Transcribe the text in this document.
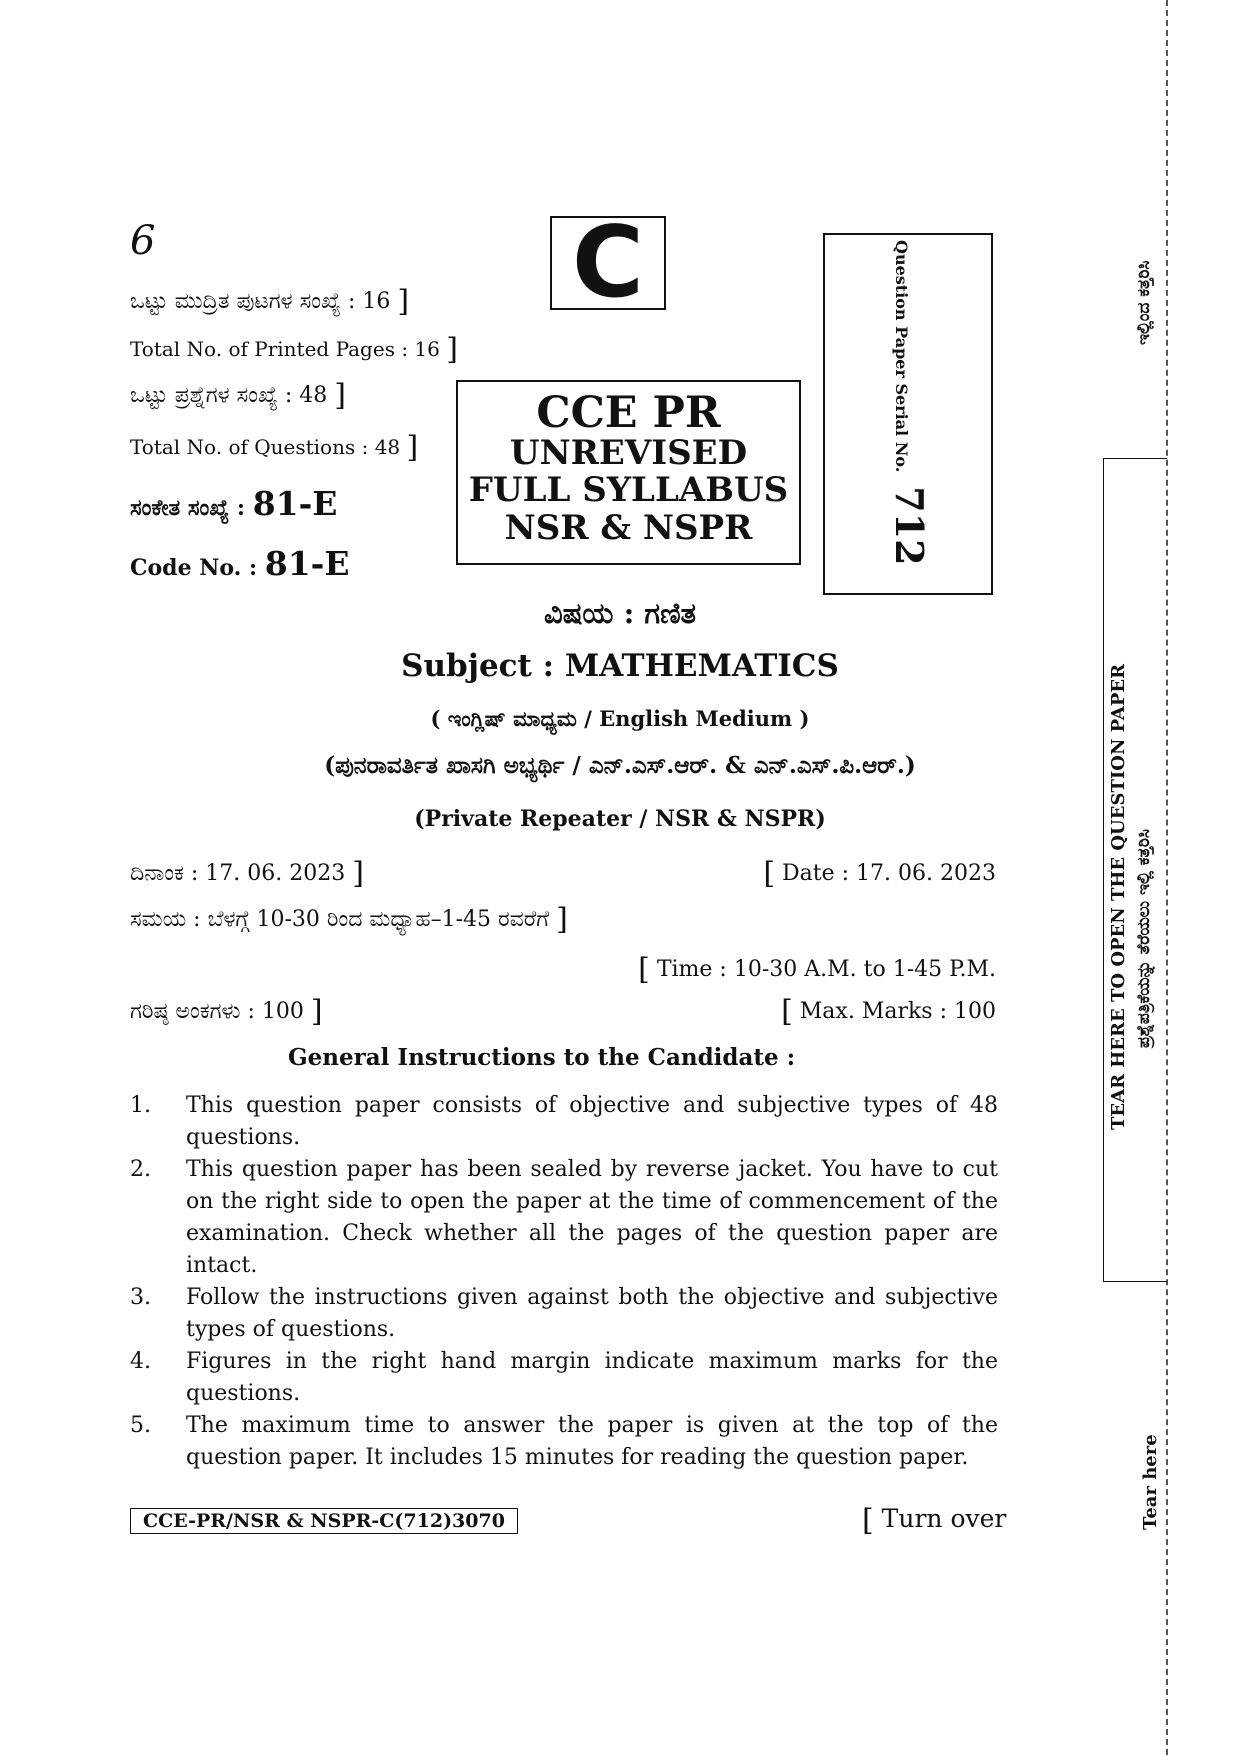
6
ಒಟ್ಟು ಮುದ್ರಿತ ಪುಟಗಳ ಸಂಖ್ಯೆ : 16 ]
Total No. of Printed Pages : 16 ]
ಒಟ್ಟು ಪ್ರಶ್ನೆಗಳ ಸಂಖ್ಯೆ : 48 ]
Total No. of Questions : 48 ]
ಸಂಕೇತ ಸಂಖ್ಯೆ : 81-E
Code No. : 81-E
C
CCE PR
UNREVISED
FULL SYLLABUS
NSR & NSPR
Question Paper Serial No.
712
ವಿಷಯ : ಗಣಿತ
Subject : MATHEMATICS
( ಇಂಗ್ಲಿಷ್ ಮಾಧ್ಯಮ / English Medium )
(ಪುನರಾವರ್ತಿತ ಖಾಸಗಿ ಅಭ್ಯರ್ಥಿ / ಎನ್.ಎಸ್.ಆರ್. & ಎನ್.ಎಸ್.ಪಿ.ಆರ್.)
(Private Repeater / NSR & NSPR)
ದಿನಾಂಕ : 17. 06. 2023 ]	[ Date : 17. 06. 2023
ಸಮಯ : ಬೆಳಗ್ಗೆ 10-30 ರಿಂದ ಮಧ್ಯಾಹ–1-45 ರವರೆಗೆ ]
[ Time : 10-30 A.M. to 1-45 P.M.
ಗರಿಷ್ಠ ಅಂಕಗಳು : 100 ]	[ Max. Marks : 100
General Instructions to the Candidate :
1. This question paper consists of objective and subjective types of 48 questions.
2. This question paper has been sealed by reverse jacket. You have to cut on the right side to open the paper at the time of commencement of the examination. Check whether all the pages of the question paper are intact.
3. Follow the instructions given against both the objective and subjective types of questions.
4. Figures in the right hand margin indicate maximum marks for the questions.
5. The maximum time to answer the paper is given at the top of the question paper. It includes 15 minutes for reading the question paper.
CCE-PR/NSR & NSPR-C(712)3070	[ Turn over
ಇಲ್ಲಿಂದ ಕತ್ತರಿಸಿ
TEAR HERE TO OPEN THE QUESTION PAPER ಪ್ರಶ್ನೆಪತ್ರಿಕೆಯನ್ನು ತೆರೆಯಲು ಇಲ್ಲಿ ಕತ್ತರಿಸಿ
Tear here
